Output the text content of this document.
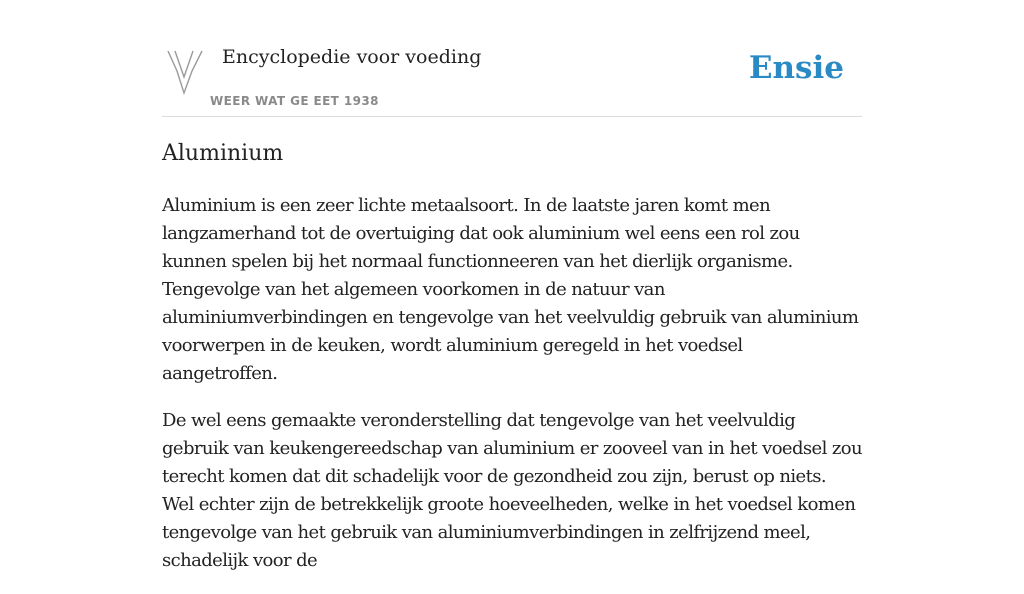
Encyclopedie voor voeding
WEER WAT GE EET 1938
Ensie
Aluminium

Aluminium is een zeer lichte metaalsoort. In de laatste jaren komt men langzamerhand tot de overtuiging dat ook aluminium wel eens een rol zou kunnen spelen bij het normaal functionneeren van het dierlijk organisme. Tengevolge van het algemeen voorkomen in de natuur van aluminiumverbindingen en tengevolge van het veelvuldig gebruik van aluminium voorwerpen in de keuken, wordt aluminium geregeld in het voedsel aangetroffen.

De wel eens gemaakte veronderstelling dat tengevolge van het veelvuldig gebruik van keukengereedschap van aluminium er zooveel van in het voedsel zou terecht komen dat dit schadelijk voor de gezondheid zou zijn, berust op niets. Wel echter zijn de betrekkelijk groote hoeveelheden, welke in het voedsel komen tengevolge van het gebruik van aluminiumverbindingen in zelfrijzend meel, schadelijk voor de
